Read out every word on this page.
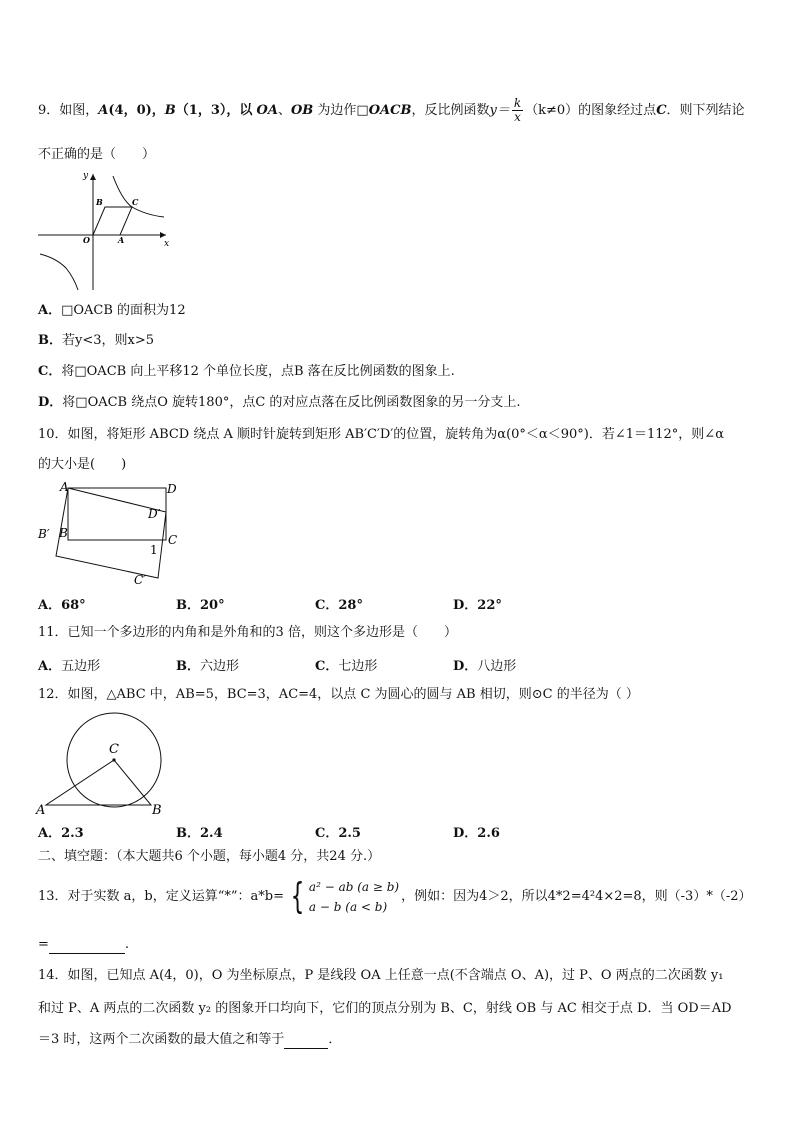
9．如图，A(4，0)，B（1，3），以 OA、OB 为边作□OACB，反比例函数$y= \frac{k}{x} (k\ne 0)$的图象经过点C．则下列结论
不正确的是（　　）
y
x
B	C
O	A
A．□OACB 的面积为12
B．若y<3，则x>5
C．将□OACB 向上平移12 个单位长度，点B 落在反比例函数的图象上.
D．将□OACB 绕点O 旋转180°，点C 的对应点落在反比例函数图象的另一分支上.
10．如图，将矩形 ABCD 绕点 A 顺时针旋转到矩形 AB′C′D′的位置，旋转角为α(0°＜α＜90°)．若∠1＝112°，则∠α
的大小是(　　)
A	D
D′
B′ B
1
C
C′
A．68°	B．20°	C．28°	D．22°
11．已知一个多边形的内角和是外角和的3 倍，则这个多边形是（　　）
A．五边形	B．六边形	C．七边形	D．八边形
12．如图，△ABC 中，AB=5，BC=3，AC=4，以点 C 为圆心的圆与 AB 相切，则⊙C 的半径为（ ）
C
A	B
A．2.3	B．2.4	C．2.5	D．2.6
二、填空题：（本大题共6 个小题，每小题4 分，共24 分.）
13．对于实数 a，b，定义运算“*”：a*b= { a² − ab (a ≥ b)
a − b (a < b)
，例如：因为4＞2，所以4*2=4²4×2=8，则（-3）*（-2）
=	.
14．如图，已知点 A(4，0)，O 为坐标原点，P 是线段 OA 上任意一点(不含端点 O、A)，过 P、O 两点的二次函数 y₁
和过 P、A 两点的二次函数 y₂ 的图象开口均向下，它们的顶点分别为 B、C，射线 OB 与 AC 相交于点 D．当 OD＝AD
＝3 时，这两个二次函数的最大值之和等于	．
